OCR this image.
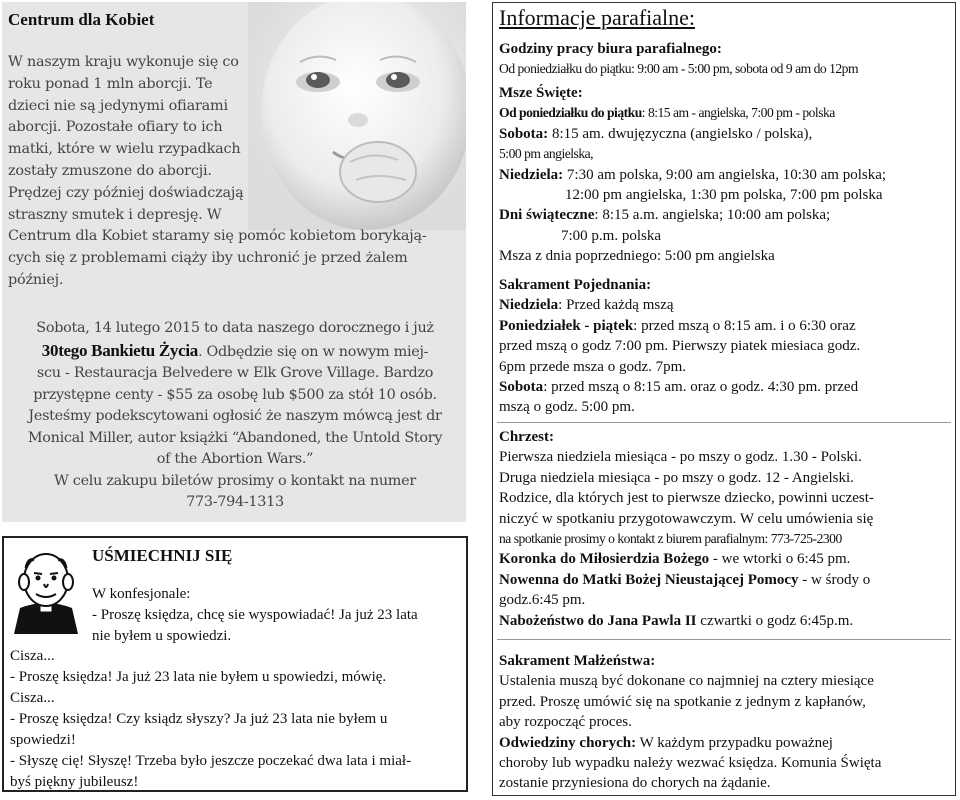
Centrum dla Kobiet
W naszym kraju wykonuje się co
roku ponad 1 mln aborcji. Te
dzieci nie są jedynymi ofiarami
aborcji. Pozostałe ofiary to ich
matki, które w wielu rzypadkach
zostały zmuszone do aborcji.
Prędzej czy później doświadczają
straszny smutek i depresję. W
Centrum dla Kobiet staramy się pomóc kobietom borykają-
cych się z problemami ciąży iby uchronić je przed żalem
później.
Sobota, 14 lutego 2015 to data naszego dorocznego i już
30tego Bankietu Życia. Odbędzie się on w nowym miej-
scu - Restauracja Belvedere w Elk Grove Village. Bardzo
przystępne centy - $55 za osobę lub $500 za stół 10 osób.
Jesteśmy podekscytowani ogłosić że naszym mówcą jest dr
Monical Miller, autor książki “Abandoned, the Untold Story
of the Abortion Wars.”
W celu zakupu biletów prosimy o kontakt na numer
773-794-1313
UŚMIECHNIJ SIĘ
W konfesjonale:
- Proszę księdza, chcę sie wyspowiadać! Ja już 23 lata
nie byłem u spowiedzi.
Cisza...
- Proszę księdza! Ja już 23 lata nie byłem u spowiedzi, mówię.
Cisza...
- Proszę księdza! Czy ksiądz słyszy? Ja już 23 lata nie byłem u
spowiedzi!
- Słyszę cię! Słyszę! Trzeba było jeszcze poczekać dwa lata i miał-
byś piękny jubileusz!
Informacje parafialne:
Godziny pracy biura parafialnego:
Od poniedziałku do piątku: 9:00 am - 5:00 pm, sobota od 9 am do 12pm
Msze Święte:
Od poniedziałku do piątku: 8:15 am - angielska, 7:00 pm - polska
Sobota: 8:15 am. dwujęzyczna (angielsko / polska),
5:00 pm angielska,
Niedziela: 7:30 am polska, 9:00 am angielska, 10:30 am polska;
12:00 pm angielska, 1:30 pm polska, 7:00 pm polska
Dni świąteczne: 8:15 a.m. angielska; 10:00 am polska;
7:00 p.m. polska
Msza z dnia poprzedniego: 5:00 pm angielska
Sakrament Pojednania:
Niedziela: Przed każdą mszą
Poniedziałek - piątek: przed mszą o 8:15 am. i o 6:30 oraz
przed mszą o godz 7:00 pm. Pierwszy piatek miesiaca godz.
6pm przede msza o godz. 7pm.
Sobota: przed mszą o 8:15 am. oraz o godz. 4:30 pm. przed
mszą o godz. 5:00 pm.
Chrzest:
Pierwsza niedziela miesiąca - po mszy o godz. 1.30 - Polski.
Druga niedziela miesiąca - po mszy o godz. 12 - Angielski.
Rodzice, dla których jest to pierwsze dziecko, powinni uczest-
niczyć w spotkaniu przygotowawczym. W celu umówienia się
na spotkanie prosimy o kontakt z biurem parafialnym: 773-725-2300
Koronka do Miłosierdzia Bożego - we wtorki o 6:45 pm.
Nowenna do Matki Bożej Nieustającej Pomocy - w środy o
godz.6:45 pm.
Nabożeństwo do Jana Pawla II czwartki o godz 6:45p.m.
Sakrament Małżeństwa:
Ustalenia muszą być dokonane co najmniej na cztery miesiące
przed. Proszę umówić się na spotkanie z jednym z kapłanów,
aby rozpocząć proces.
Odwiedziny chorych: W każdym przypadku poważnej
choroby lub wypadku należy wezwać księdza. Komunia Święta
zostanie przyniesiona do chorych na żądanie.
